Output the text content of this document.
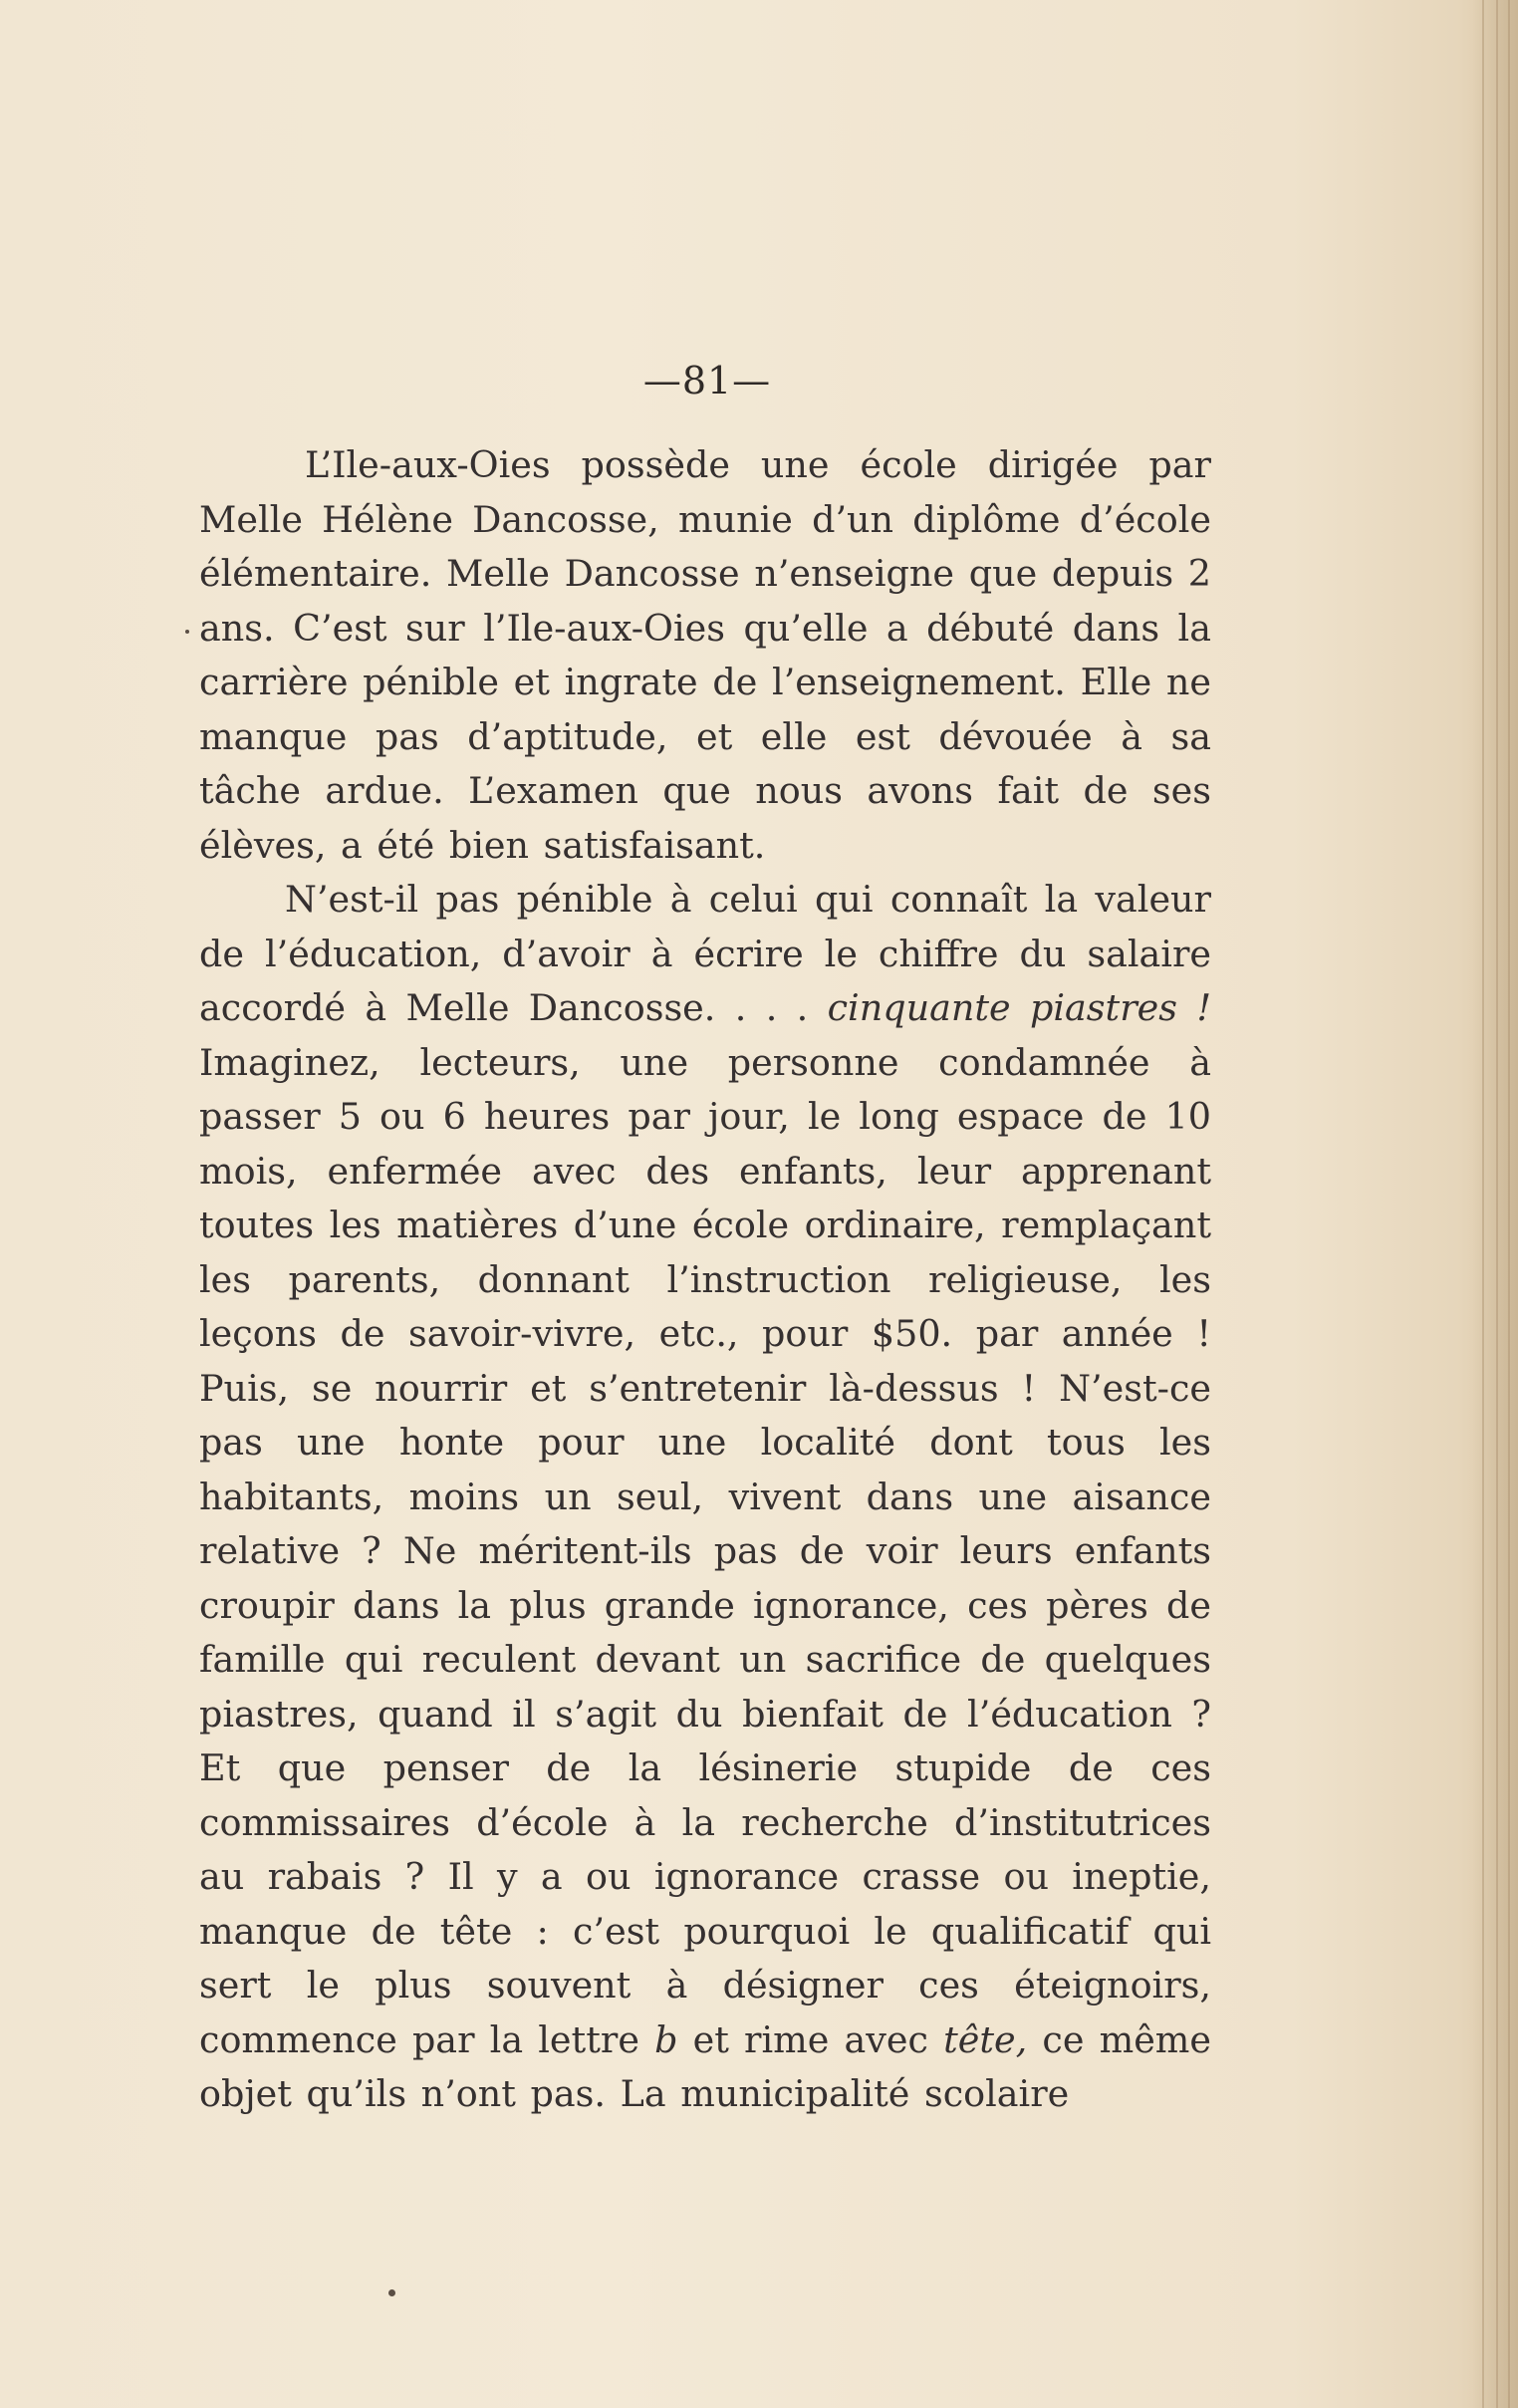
—81—

L’Ile-aux-Oies possède une école dirigée par Melle Hélène Dancosse, munie d’un diplôme d’école élémentaire. Melle Dancosse n’enseigne que depuis 2 ans. C’est sur l’Ile-aux-Oies qu’elle a débuté dans la carrière pénible et ingrate de l’enseignement. Elle ne manque pas d’aptitude, et elle est dévouée à sa tâche ardue. L’examen que nous avons fait de ses élèves, a été bien satisfaisant.

N’est-il pas pénible à celui qui connaît la valeur de l’éducation, d’avoir à écrire le chiffre du salaire accordé à Melle Dancosse. . . . cinquante piastres ! Imaginez, lecteurs, une personne condamnée à passer 5 ou 6 heures par jour, le long espace de 10 mois, enfermée avec des enfants, leur apprenant toutes les matières d’une école ordinaire, remplaçant les parents, donnant l’instruction religieuse, les leçons de savoir-vivre, etc., pour $50. par année ! Puis, se nourrir et s’entretenir là-dessus ! N’est-ce pas une honte pour une localité dont tous les habitants, moins un seul, vivent dans une aisance relative ? Ne méritent-ils pas de voir leurs enfants croupir dans la plus grande ignorance, ces pères de famille qui reculent devant un sacrifice de quelques piastres, quand il s’agit du bienfait de l’éducation ? Et que penser de la lésinerie stupide de ces commissaires d’école à la recherche d’institutrices au rabais ? Il y a ou ignorance crasse ou ineptie, manque de tête : c’est pourquoi le qualificatif qui sert le plus souvent à désigner ces éteignoirs, commence par la lettre b et rime avec tête, ce même objet qu’ils n’ont pas. La municipalité scolaire
